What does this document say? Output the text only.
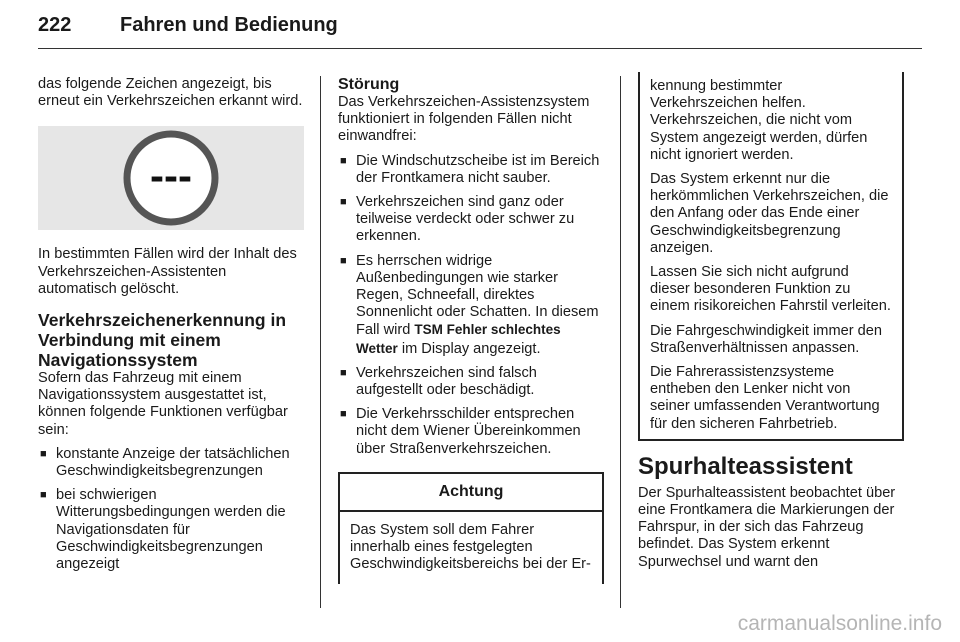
222	Fahren und Bedienung

das folgende Zeichen angezeigt, bis erneut ein Verkehrszeichen erkannt wird.

---

In bestimmten Fällen wird der Inhalt des Verkehrszeichen-Assistenten automatisch gelöscht.

Verkehrszeichenerkennung in Verbindung mit einem Navigationssystem

Sofern das Fahrzeug mit einem Navigationssystem ausgestattet ist, können folgende Funktionen verfügbar sein:

■ konstante Anzeige der tatsächlichen Geschwindigkeitsbegrenzungen
■ bei schwierigen Witterungsbedingungen werden die Navigationsdaten für Geschwindigkeitsbegrenzungen angezeigt
Störung

Das Verkehrszeichen-Assistenzsystem funktioniert in folgenden Fällen nicht einwandfrei:

■ Die Windschutzscheibe ist im Bereich der Frontkamera nicht sauber.
■ Verkehrszeichen sind ganz oder teilweise verdeckt oder schwer zu erkennen.
■ Es herrschen widrige Außenbedingungen wie starker Regen, Schneefall, direktes Sonnenlicht oder Schatten. In diesem Fall wird TSM Fehler schlechtes Wetter im Display angezeigt.
■ Verkehrszeichen sind falsch aufgestellt oder beschädigt.
■ Die Verkehrsschilder entsprechen nicht dem Wiener Übereinkommen über Straßenverkehrszeichen.
Achtung
Das System soll dem Fahrer innerhalb eines festgelegten Geschwindigkeitsbereichs bei der Er-

kennung bestimmter Verkehrszeichen helfen. Verkehrszeichen, die nicht vom System angezeigt werden, dürfen nicht ignoriert werden.

Das System erkennt nur die herkömmlichen Verkehrszeichen, die den Anfang oder das Ende einer Geschwindigkeitsbegrenzung anzeigen.

Lassen Sie sich nicht aufgrund dieser besonderen Funktion zu einem risikoreichen Fahrstil verleiten.

Die Fahrgeschwindigkeit immer den Straßenverhältnissen anpassen.

Die Fahrerassistenzsysteme entheben den Lenker nicht von seiner umfassenden Verantwortung für den sicheren Fahrbetrieb.

Spurhalteassistent

Der Spurhalteassistent beobachtet über eine Frontkamera die Markierungen der Fahrspur, in der sich das Fahrzeug befindet. Das System erkennt Spurwechsel und warnt den

carmanualsonline.info
